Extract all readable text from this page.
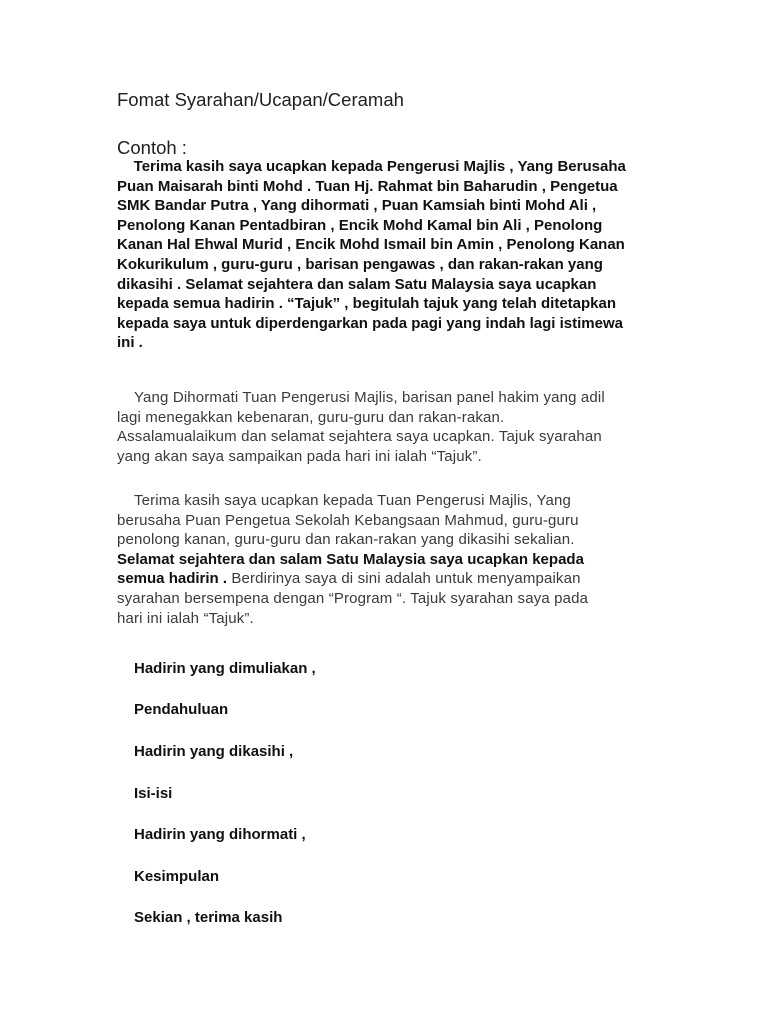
Fomat Syarahan/Ucapan/Ceramah
Contoh :
Terima kasih saya ucapkan kepada Pengerusi Majlis , Yang Berusaha
Puan Maisarah binti Mohd . Tuan Hj. Rahmat bin Baharudin , Pengetua
SMK Bandar Putra , Yang dihormati , Puan Kamsiah binti Mohd Ali ,
Penolong Kanan Pentadbiran , Encik Mohd Kamal bin Ali , Penolong
Kanan Hal Ehwal Murid , Encik Mohd Ismail bin Amin , Penolong Kanan
Kokurikulum , guru-guru , barisan pengawas , dan rakan-rakan yang
dikasihi . Selamat sejahtera dan salam Satu Malaysia saya ucapkan
kepada semua hadirin . “Tajuk” , begitulah tajuk yang telah ditetapkan
kepada saya untuk diperdengarkan pada pagi yang indah lagi istimewa
ini .
Yang Dihormati Tuan Pengerusi Majlis, barisan panel hakim yang adil
lagi menegakkan kebenaran, guru-guru dan rakan-rakan.
Assalamualaikum dan selamat sejahtera saya ucapkan. Tajuk syarahan
yang akan saya sampaikan pada hari ini ialah “Tajuk”.
Terima kasih saya ucapkan kepada Tuan Pengerusi Majlis, Yang
berusaha Puan Pengetua Sekolah Kebangsaan Mahmud, guru-guru
penolong kanan, guru-guru dan rakan-rakan yang dikasihi sekalian.
Selamat sejahtera dan salam Satu Malaysia saya ucapkan kepada
semua hadirin . Berdirinya saya di sini adalah untuk menyampaikan
syarahan bersempena dengan “Program “. Tajuk syarahan saya pada
hari ini ialah “Tajuk”.
Hadirin yang dimuliakan ,
Pendahuluan
Hadirin yang dikasihi ,
Isi-isi
Hadirin yang dihormati ,
Kesimpulan
Sekian , terima kasih
